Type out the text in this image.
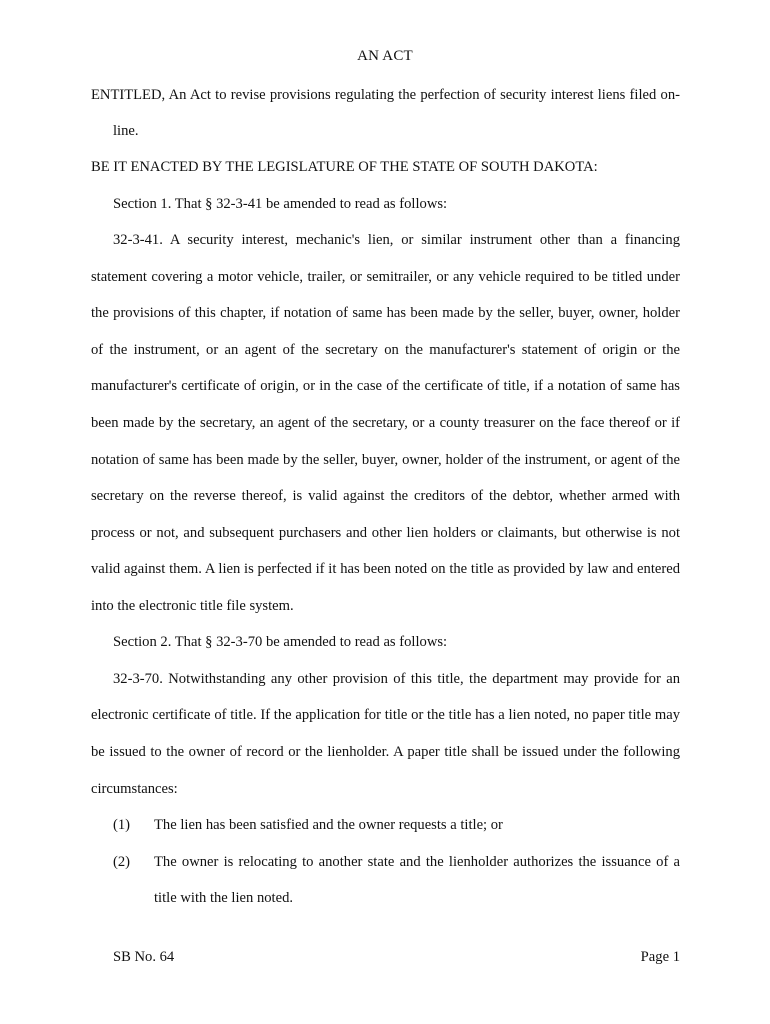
AN ACT
ENTITLED, An Act to revise provisions regulating the perfection of security interest liens filed on-
line.
BE IT ENACTED BY THE LEGISLATURE OF THE STATE OF SOUTH DAKOTA:
Section 1. That § 32-3-41 be amended to read as follows:
32-3-41. A security interest, mechanic's lien, or similar instrument other than a financing
statement covering a motor vehicle, trailer, or semitrailer, or any vehicle required to be titled under
the provisions of this chapter, if notation of same has been made by the seller, buyer, owner, holder
of the instrument, or an agent of the secretary on the manufacturer's statement of origin or the
manufacturer's certificate of origin, or in the case of the certificate of title, if a notation of same has
been made by the secretary, an agent of the secretary, or a county treasurer on the face thereof or if
notation of same has been made by the seller, buyer, owner, holder of the instrument, or agent of the
secretary on the reverse thereof, is valid against the creditors of the debtor, whether armed with
process or not, and subsequent purchasers and other lien holders or claimants, but otherwise is not
valid against them. A lien is perfected if it has been noted on the title as provided by law and entered
into the electronic title file system.
Section 2. That § 32-3-70 be amended to read as follows:
32-3-70. Notwithstanding any other provision of this title, the department may provide for an
electronic certificate of title. If the application for title or the title has a lien noted, no paper title may
be issued to the owner of record or the lienholder. A paper title shall be issued under the following
circumstances:
(1) The lien has been satisfied and the owner requests a title; or
(2) The owner is relocating to another state and the lienholder authorizes the issuance of a
title with the lien noted.
SB No. 64	Page 1
